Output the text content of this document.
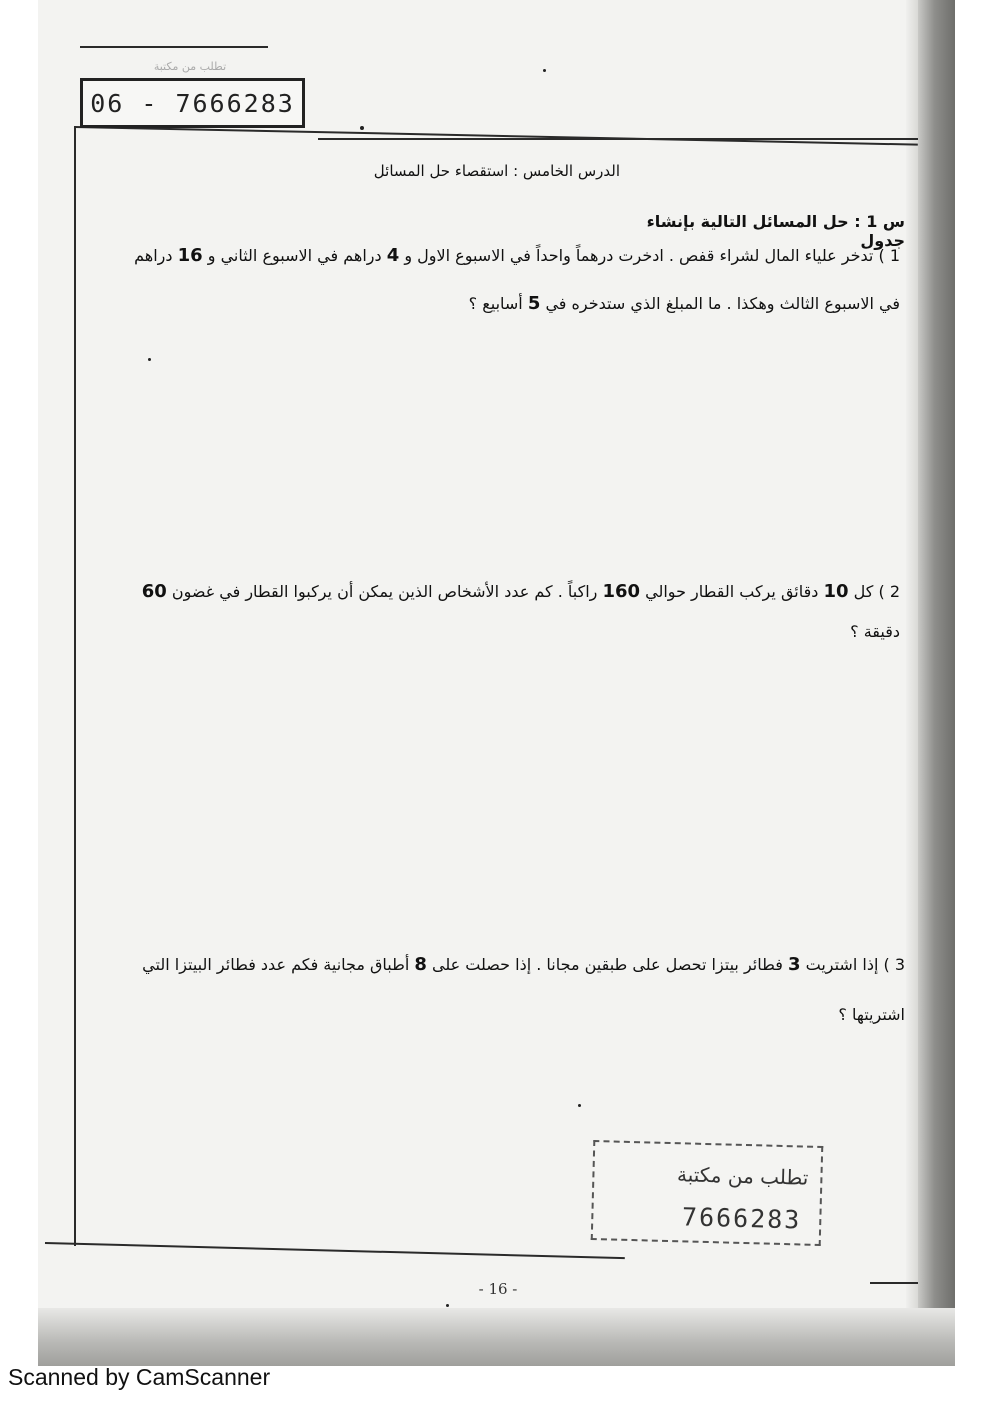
تطلب من مكتبة
06 - 7666283
الدرس الخامس : استقصاء حل المسائل
س 1 : حل المسائل التالية بإنشاء جدول
1 ) تدخر علياء المال لشراء قفص . ادخرت درهماً واحداً في الاسبوع الاول و 4 دراهم في الاسبوع الثاني و 16 دراهم
في الاسبوع الثالث وهكذا . ما المبلغ الذي ستدخره في 5 أسابيع ؟
2 ) كل 10 دقائق يركب القطار حوالي 160 راكباً . كم عدد الأشخاص الذين يمكن أن يركبوا القطار في غضون 60
دقيقة ؟
3 ) إذا اشتريت 3 فطائر بيتزا تحصل على طبقين مجانا . إذا حصلت على 8 أطباق مجانية فكم عدد فطائر البيتزا التي
اشتريتها ؟
تطلب من مكتبة
7666283
- 16 -
Scanned by CamScanner
